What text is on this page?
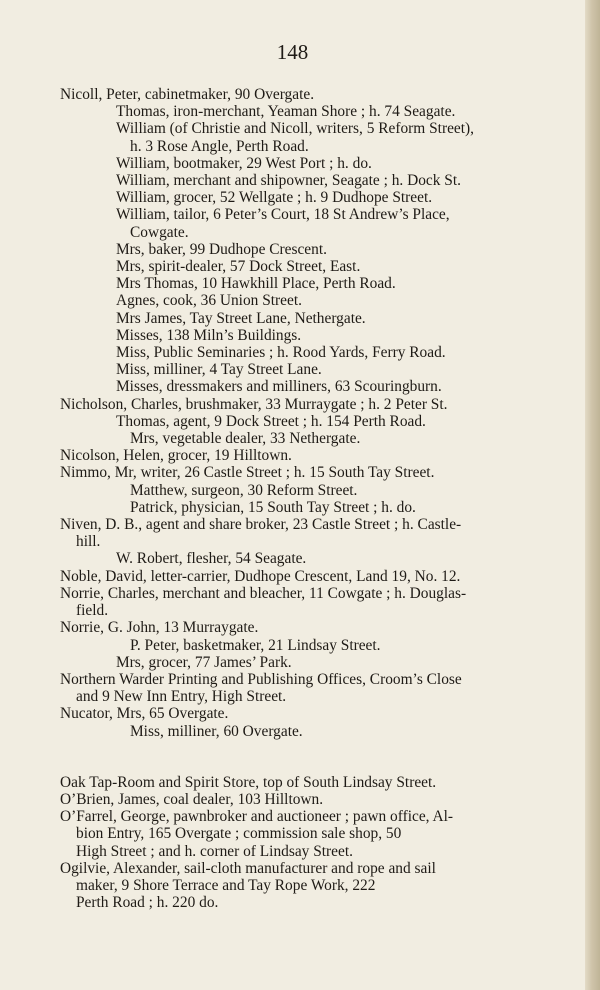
148
Nicoll, Peter, cabinetmaker, 90 Overgate.
Thomas, iron-merchant, Yeaman Shore ; h. 74 Seagate.
William (of Christie and Nicoll, writers, 5 Reform Street),
h. 3 Rose Angle, Perth Road.
William, bootmaker, 29 West Port ; h. do.
William, merchant and shipowner, Seagate ; h. Dock St.
William, grocer, 52 Wellgate ; h. 9 Dudhope Street.
William, tailor, 6 Peter’s Court, 18 St Andrew’s Place,
Cowgate.
Mrs, baker, 99 Dudhope Crescent.
Mrs, spirit-dealer, 57 Dock Street, East.
Mrs Thomas, 10 Hawkhill Place, Perth Road.
Agnes, cook, 36 Union Street.
Mrs James, Tay Street Lane, Nethergate.
Misses, 138 Miln’s Buildings.
Miss, Public Seminaries ; h. Rood Yards, Ferry Road.
Miss, milliner, 4 Tay Street Lane.
Misses, dressmakers and milliners, 63 Scouringburn.
Nicholson, Charles, brushmaker, 33 Murraygate ; h. 2 Peter St.
Thomas, agent, 9 Dock Street ; h. 154 Perth Road.
Mrs, vegetable dealer, 33 Nethergate.
Nicolson, Helen, grocer, 19 Hilltown.
Nimmo, Mr, writer, 26 Castle Street ; h. 15 South Tay Street.
Matthew, surgeon, 30 Reform Street.
Patrick, physician, 15 South Tay Street ; h. do.
Niven, D. B., agent and share broker, 23 Castle Street ; h. Castle-
hill.
W. Robert, flesher, 54 Seagate.
Noble, David, letter-carrier, Dudhope Crescent, Land 19, No. 12.
Norrie, Charles, merchant and bleacher, 11 Cowgate ; h. Douglas-
field.
Norrie, G. John, 13 Murraygate.
P. Peter, basketmaker, 21 Lindsay Street.
Mrs, grocer, 77 James’ Park.
Northern Warder Printing and Publishing Offices, Croom’s Close
and 9 New Inn Entry, High Street.
Nucator, Mrs, 65 Overgate.
Miss, milliner, 60 Overgate.
Oak Tap-Room and Spirit Store, top of South Lindsay Street.
O’Brien, James, coal dealer, 103 Hilltown.
O’Farrel, George, pawnbroker and auctioneer ; pawn office, Al-
bion Entry, 165 Overgate ; commission sale shop, 50
High Street ; and h. corner of Lindsay Street.
Ogilvie, Alexander, sail-cloth manufacturer and rope and sail
maker, 9 Shore Terrace and Tay Rope Work, 222
Perth Road ; h. 220 do.
